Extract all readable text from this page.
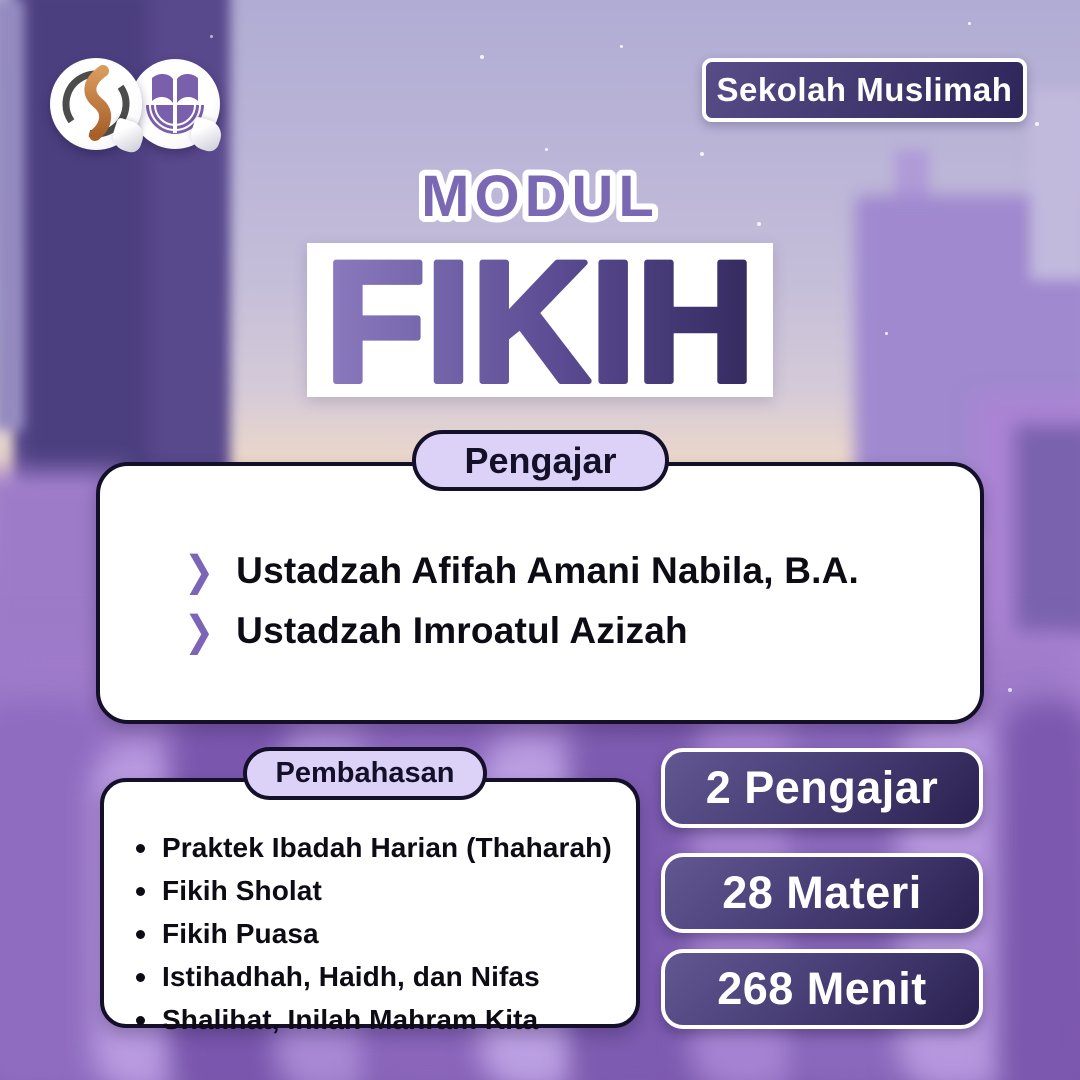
Sekolah Muslimah
MODUL
FIKIH
Pengajar
❯ Ustadzah Afifah Amani Nabila, B.A.
❯ Ustadzah Imroatul Azizah
Pembahasan
Praktek Ibadah Harian (Thaharah)
Fikih Sholat
Fikih Puasa
Istihadhah, Haidh, dan Nifas
Shalihat, Inilah Mahram Kita
2 Pengajar
28 Materi
268 Menit
